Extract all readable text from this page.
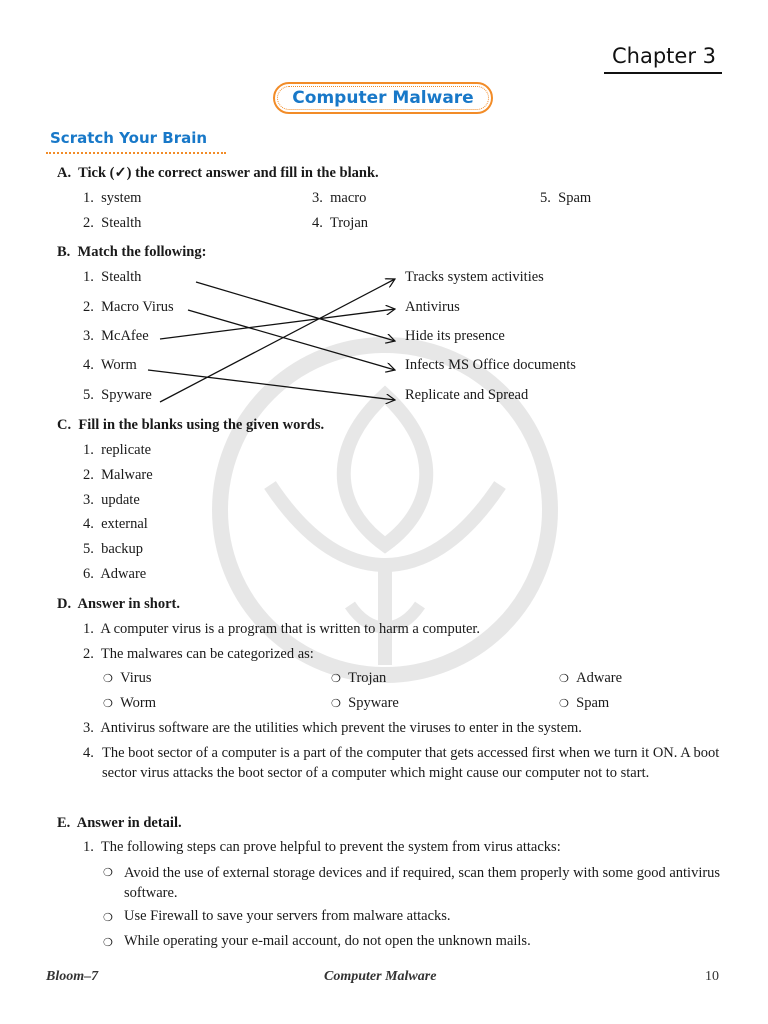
Chapter 3
Computer Malware
Scratch Your Brain
A.  Tick (✓) the correct answer and fill in the blank.
1.  system	3.  macro	5.  Spam
2.  Stealth	4.  Trojan
B.  Match the following:
1.  Stealth
2.  Macro Virus
3.  McAfee
4.  Worm
5.  Spyware
Tracks system activities
Antivirus
Hide its presence
Infects MS Office documents
Replicate and Spread
C.  Fill in the blanks using the given words.
1.  replicate
2.  Malware
3.  update
4.  external
5.  backup
6.  Adware
D.  Answer in short.
1.  A computer virus is a program that is written to harm a computer.
2.  The malwares can be categorized as:
❍ Virus	❍ Trojan	❍ Adware
❍ Worm	❍ Spyware	❍ Spam
3.  Antivirus software are the utilities which prevent the viruses to enter in the system.
4. The boot sector of a computer is a part of the computer that gets accessed first when we turn it ON. A boot sector virus attacks the boot sector of a computer which might cause our computer not to start.
E.  Answer in detail.
1.  The following steps can prove helpful to prevent the system from virus attacks:
❍ Avoid the use of external storage devices and if required, scan them properly with some good antivirus software.
❍ Use Firewall to save your servers from malware attacks.
❍ While operating your e-mail account, do not open the unknown mails.
Bloom–7	Computer Malware	10
